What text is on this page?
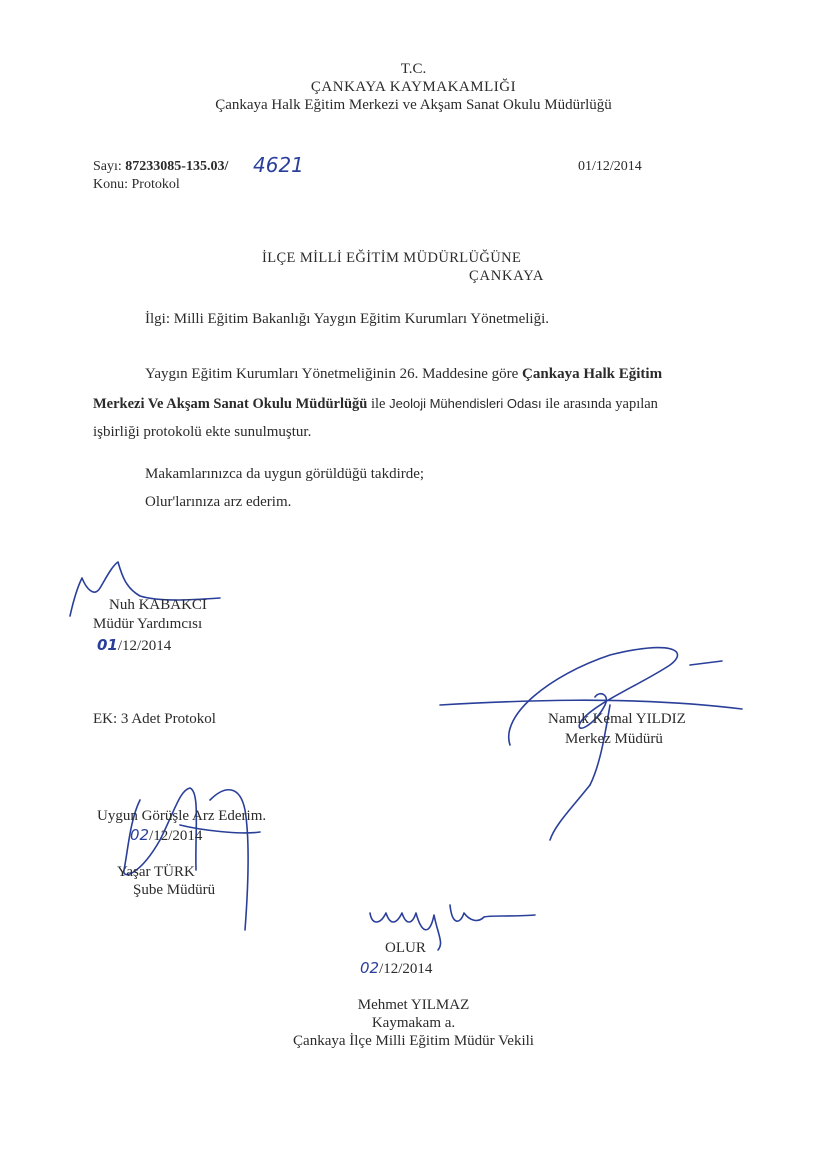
T.C.
ÇANKAYA KAYMAKAMLIĞI
Çankaya Halk Eğitim Merkezi ve Akşam Sanat Okulu Müdürlüğü
Sayı: 87233085-135.03/ 4621	01/12/2014
Konu: Protokol
İLÇE MİLLİ EĞİTİM MÜDÜRLÜĞÜNE
ÇANKAYA
İlgi: Milli Eğitim Bakanlığı Yaygın Eğitim Kurumları Yönetmeliği.
Yaygın Eğitim Kurumları Yönetmeliğinin 26. Maddesine göre Çankaya Halk Eğitim
Merkezi Ve Akşam Sanat Okulu Müdürlüğü ile Jeoloji Mühendisleri Odası ile arasında yapılan
işbirliği protokolü ekte sunulmuştur.
Makamlarınızca da uygun görüldüğü takdirde;
Olur'larınıza arz ederim.
Nuh KABAKCI
Müdür Yardımcısı
01/12/2014
Namık Kemal YILDIZ
Merkez Müdürü
EK: 3 Adet Protokol
Uygun Görüşle Arz Ederim.
02/12/2014
Yaşar TÜRK
Şube Müdürü
OLUR
02/12/2014
Mehmet YILMAZ
Kaymakam a.
Çankaya İlçe Milli Eğitim Müdür Vekili
